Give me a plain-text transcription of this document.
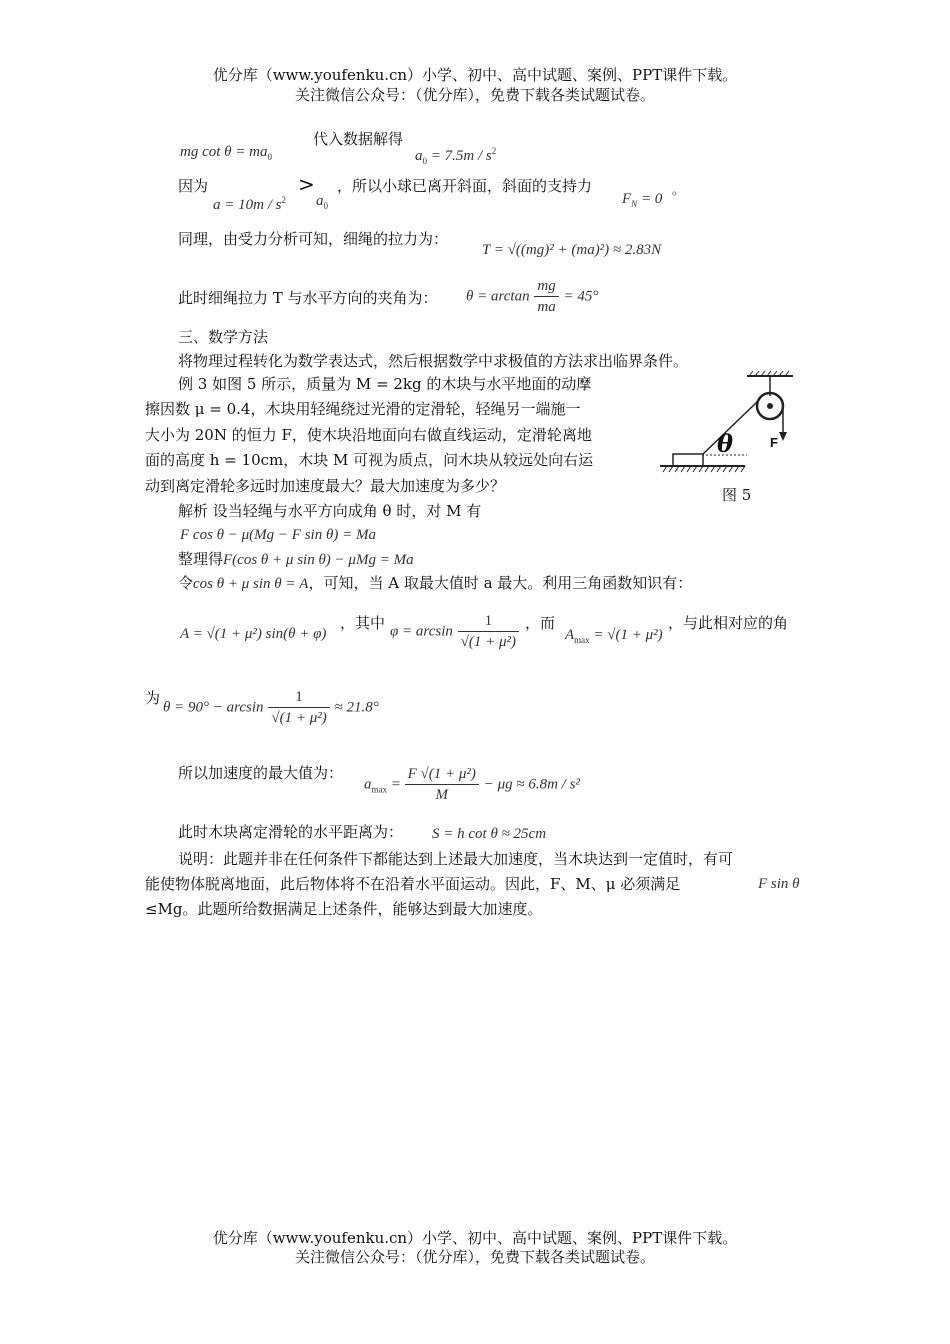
优分库（www.youfenku.cn）小学、初中、高中试题、案例、PPT课件下载。
关注微信公众号：（优分库），免费下载各类试题试卷。
mg $\cot \theta = ma_0$
代入数据解得
$a_0 = 7.5m / s^2$
因为
$a = 10m / s^2$
>
$a_0$
，所以小球已离开斜面，斜面的支持力
$F_N = 0$
。
同理，由受力分析可知，细绳的拉力为：
T = √((mg)² + (ma)²) ≈ 2.83N
此时细绳拉力 T 与水平方向的夹角为： $\theta = \arctan \frac{mg}{ma} = 45^\circ$
三、数学方法
将物理过程转化为数学表达式，然后根据数学中求极值的方法求出临界条件。
例 3 如图 5 所示，质量为 M = 2kg 的木块与水平地面的动摩
擦因数 μ = 0.4，木块用轻绳绕过光滑的定滑轮，轻绳另一端施一
大小为 20N 的恒力 F，使木块沿地面向右做直线运动，定滑轮离地
面的高度 h = 10cm，木块 M 可视为质点，问木块从较远处向右运
动到离定滑轮多远时加速度最大？最大加速度为多少？
θ	F
图 5
解析 设当轻绳与水平方向成角 θ 时，对 M 有
F cos θ − μ(Mg − F sin θ) = Ma
整理得F(cos θ + μ sin θ) − μMg = Ma
令cos θ + μ sin θ = A，可知，当 A 取最大值时 a 最大。利用三角函数知识有：
A = √(1 + μ²) sin(θ + φ)
，其中 $\varphi = \arcsin \frac{1}{\text{√(1 + μ²)}}$ ，而
$A_{max} = √(1 + \mu^2)$
，与此相对应的角
为
$\theta = 90^\circ - \arcsin \frac{1}{\text{√(1 + μ²)}} \approx 21.8^\circ$
所以加速度的最大值为：
$a_{max} = \frac{\text{F √(1 + μ²)}}{M} - \mu g \approx 6.8m / s^2$
此时木块离定滑轮的水平距离为： S = h cot θ ≈ 25cm
说明：此题并非在任何条件下都能达到上述最大加速度，当木块达到一定值时，有可
能使物体脱离地面，此后物体将不在沿着水平面运动。因此，F、M、μ 必须满足	F sin θ
≤Mg。此题所给数据满足上述条件，能够达到最大加速度。
优分库（www.youfenku.cn）小学、初中、高中试题、案例、PPT课件下载。
关注微信公众号：（优分库），免费下载各类试题试卷。
